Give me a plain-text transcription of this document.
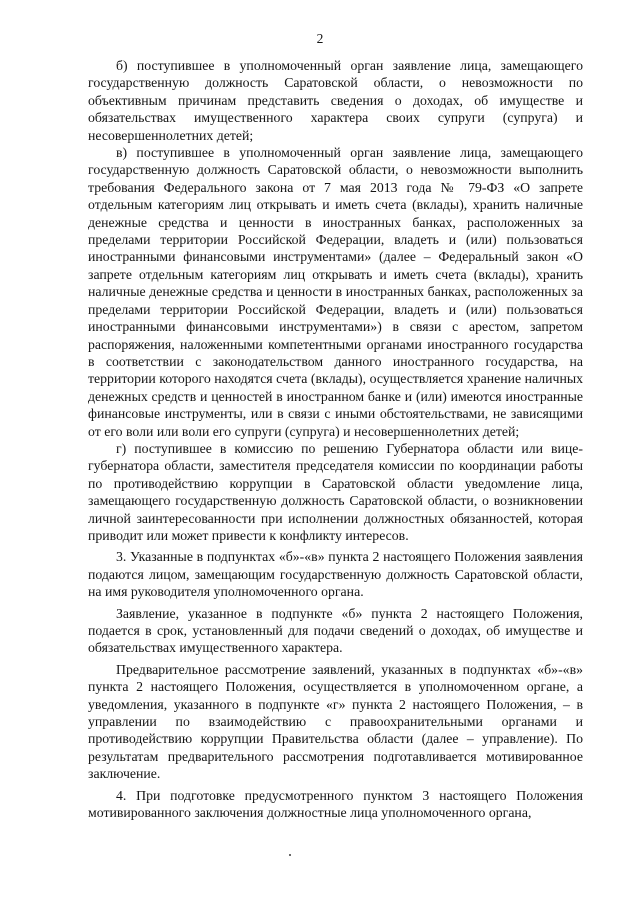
2

б) поступившее в уполномоченный орган заявление лица, замещающего государственную должность Саратовской области, о невозможности по объективным причинам представить сведения о доходах, об имуществе и обязательствах имущественного характера своих супруги (супруга) и несовершеннолетних детей;

в) поступившее в уполномоченный орган заявление лица, замещающего государственную должность Саратовской области, о невозможности выполнить требования Федерального закона от 7 мая 2013 года № 79-ФЗ «О запрете отдельным категориям лиц открывать и иметь счета (вклады), хранить наличные денежные средства и ценности в иностранных банках, расположенных за пределами территории Российской Федерации, владеть и (или) пользоваться иностранными финансовыми инструментами» (далее – Федеральный закон «О запрете отдельным категориям лиц открывать и иметь счета (вклады), хранить наличные денежные средства и ценности в иностранных банках, расположенных за пределами территории Российской Федерации, владеть и (или) пользоваться иностранными финансовыми инструментами») в связи с арестом, запретом распоряжения, наложенными компетентными органами иностранного государства в соответствии с законодательством данного иностранного государства, на территории которого находятся счета (вклады), осуществляется хранение наличных денежных средств и ценностей в иностранном банке и (или) имеются иностранные финансовые инструменты, или в связи с иными обстоятельствами, не зависящими от его воли или воли его супруги (супруга) и несовершеннолетних детей;

г) поступившее в комиссию по решению Губернатора области или вице-губернатора области, заместителя председателя комиссии по координации работы по противодействию коррупции в Саратовской области уведомление лица, замещающего государственную должность Саратовской области, о возникновении личной заинтересованности при исполнении должностных обязанностей, которая приводит или может привести к конфликту интересов.

3. Указанные в подпунктах «б»-«в» пункта 2 настоящего Положения заявления подаются лицом, замещающим государственную должность Саратовской области, на имя руководителя уполномоченного органа.

Заявление, указанное в подпункте «б» пункта 2 настоящего Положения, подается в срок, установленный для подачи сведений о доходах, об имуществе и обязательствах имущественного характера.

Предварительное рассмотрение заявлений, указанных в подпунктах «б»-«в» пункта 2 настоящего Положения, осуществляется в уполномоченном органе, а уведомления, указанного в подпункте «г» пункта 2 настоящего Положения, – в управлении по взаимодействию с правоохранительными органами и противодействию коррупции Правительства области (далее – управление). По результатам предварительного рассмотрения подготавливается мотивированное заключение.

4. При подготовке предусмотренного пунктом 3 настоящего Положения мотивированного заключения должностные лица уполномоченного органа,
